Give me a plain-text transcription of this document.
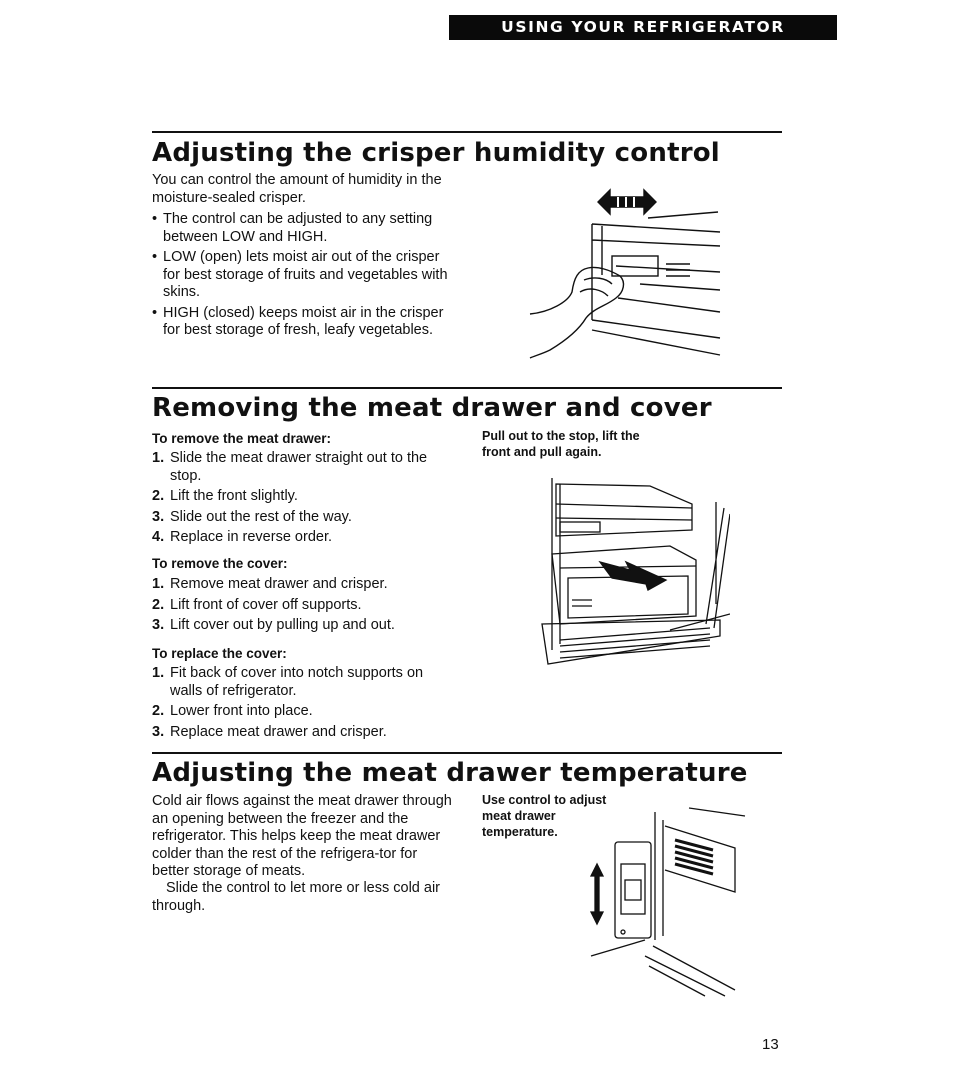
USING YOUR REFRIGERATOR
Adjusting the crisper humidity control

You can control the amount of humidity in the moisture-sealed crisper.

• The control can be adjusted to any setting between LOW and HIGH.
• LOW (open) lets moist air out of the crisper for best storage of fruits and vegetables with skins.
• HIGH (closed) keeps moist air in the crisper for best storage of fresh, leafy vegetables.
Removing the meat drawer and cover

To remove the meat drawer:

1. Slide the meat drawer straight out to the stop.
2. Lift the front slightly.
3. Slide out the rest of the way.
4. Replace in reverse order.

To remove the cover:

1. Remove meat drawer and crisper.
2. Lift front of cover off supports.
3. Lift cover out by pulling up and out.

To replace the cover:

1. Fit back of cover into notch supports on walls of refrigerator.
2. Lower front into place.
3. Replace meat drawer and crisper.

Pull out to the stop, lift the front and pull again.

Adjusting the meat drawer temperature

Cold air flows against the meat drawer through an opening between the freezer and the refrigerator. This helps keep the meat drawer colder than the rest of the refrigera-tor for better storage of meats.

Slide the control to let more or less cold air through.

Use control to adjust meat drawer temperature.

13
